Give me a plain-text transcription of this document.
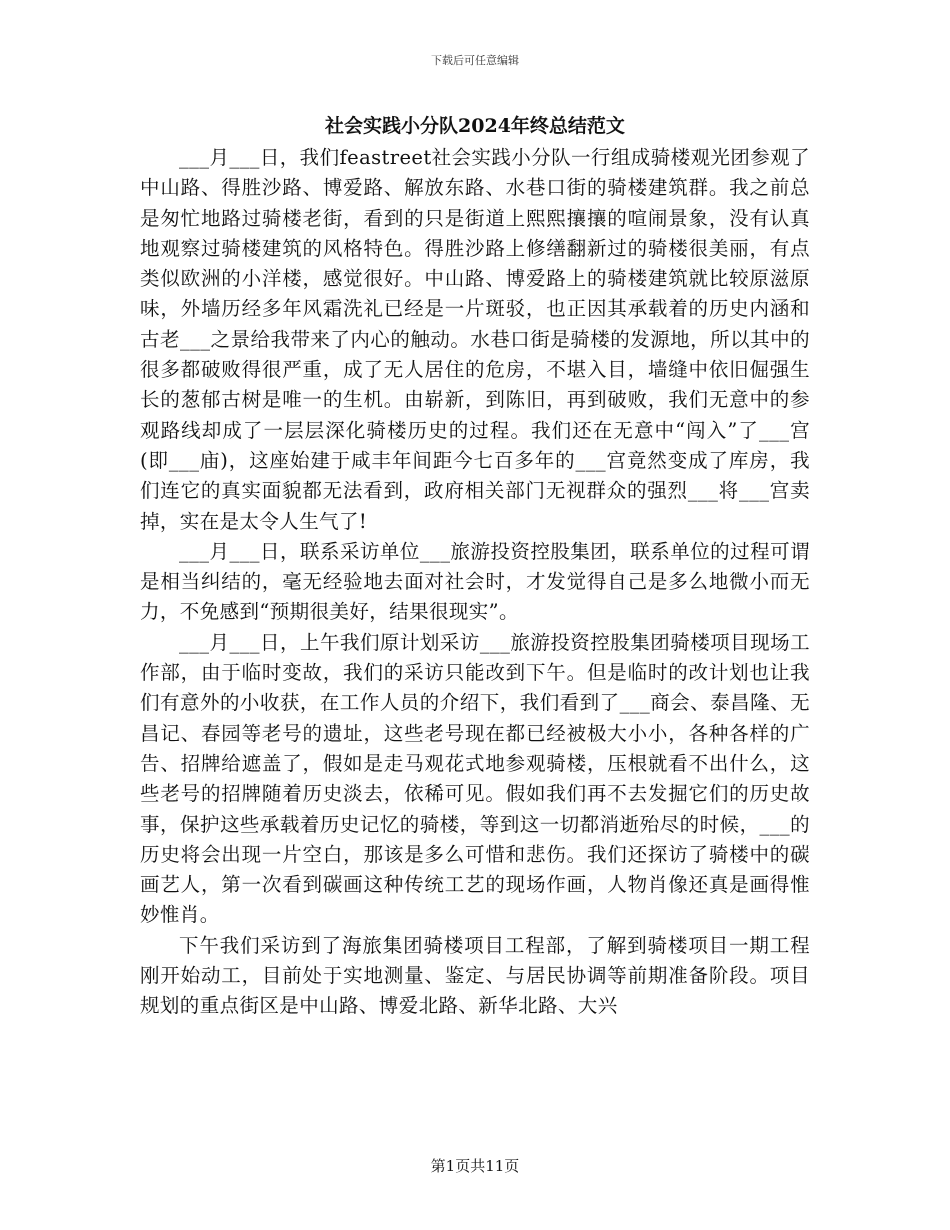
下载后可任意编辑
社会实践小分队2024年终总结范文

___月___日，我们feastreet社会实践小分队一行组成骑楼观光团参观了中山路、得胜沙路、博爱路、解放东路、水巷口街的骑楼建筑群。我之前总是匆忙地路过骑楼老街，看到的只是街道上熙熙攘攘的喧闹景象，没有认真地观察过骑楼建筑的风格特色。得胜沙路上修缮翻新过的骑楼很美丽，有点类似欧洲的小洋楼，感觉很好。中山路、博爱路上的骑楼建筑就比较原滋原味，外墙历经多年风霜洗礼已经是一片斑驳，也正因其承载着的历史内涵和古老___之景给我带来了内心的触动。水巷口街是骑楼的发源地，所以其中的很多都破败得很严重，成了无人居住的危房，不堪入目，墙缝中依旧倔强生长的葱郁古树是唯一的生机。由崭新，到陈旧，再到破败，我们无意中的参观路线却成了一层层深化骑楼历史的过程。我们还在无意中“闯入”了___宫(即___庙)，这座始建于咸丰年间距今七百多年的___宫竟然变成了库房，我们连它的真实面貌都无法看到，政府相关部门无视群众的强烈___将___宫卖掉，实在是太令人生气了!

___月___日，联系采访单位___旅游投资控股集团，联系单位的过程可谓是相当纠结的，毫无经验地去面对社会时，才发觉得自己是多么地微小而无力，不免感到“预期很美好，结果很现实”。

___月___日，上午我们原计划采访___旅游投资控股集团骑楼项目现场工作部，由于临时变故，我们的采访只能改到下午。但是临时的改计划也让我们有意外的小收获，在工作人员的介绍下，我们看到了___商会、泰昌隆、无昌记、春园等老号的遗址，这些老号现在都已经被极大小小，各种各样的广告、招牌给遮盖了，假如是走马观花式地参观骑楼，压根就看不出什么，这些老号的招牌随着历史淡去，依稀可见。假如我们再不去发掘它们的历史故事，保护这些承载着历史记忆的骑楼，等到这一切都消逝殆尽的时候，___的历史将会出现一片空白，那该是多么可惜和悲伤。我们还探访了骑楼中的碳画艺人，第一次看到碳画这种传统工艺的现场作画，人物肖像还真是画得惟妙惟肖。

下午我们采访到了海旅集团骑楼项目工程部，了解到骑楼项目一期工程刚开始动工，目前处于实地测量、鉴定、与居民协调等前期准备阶段。项目规划的重点街区是中山路、博爱北路、新华北路、大兴

第1页共11页
